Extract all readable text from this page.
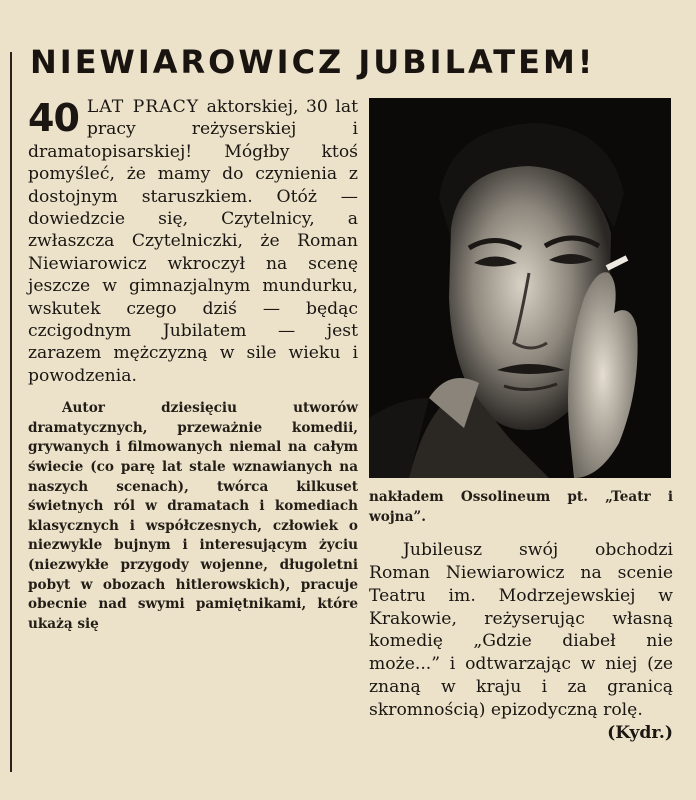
NIEWIAROWICZ JUBILATEM!

40 LAT PRACY aktorskiej, 30 lat pracy reżyserskiej i dramatopisarskiej! Mógłby ktoś pomyśleć, że mamy do czynienia z dostojnym staruszkiem. Otóż — dowiedzcie się, Czytelnicy, a zwłaszcza Czytelniczki, że Roman Niewiarowicz wkroczył na scenę jeszcze w gimnazjalnym mundurku, wskutek czego dziś — będąc czcigodnym Jubilatem — jest zarazem mężczyzną w sile wieku i powodzenia.

Autor dziesięciu utworów dramatycznych, przeważnie komedii, grywanych i filmowanych niemal na całym świecie (co parę lat stale wznawianych na naszych scenach), twórca kilkuset świetnych ról w dramatach i komediach klasycznych i współczesnych, człowiek o niezwykle bujnym i interesującym życiu (niezwykłe przygody wojenne, długoletni pobyt w obozach hitlerowskich), pracuje obecnie nad swymi pamiętnikami, które ukażą się

nakładem Ossolineum pt. „Teatr i wojna”.

Jubileusz swój obchodzi Roman Niewiarowicz na scenie Teatru im. Modrzejewskiej w Krakowie, reżyserując własną komedię „Gdzie diabeł nie może...” i odtwarzając w niej (ze znaną w kraju i za granicą skromnością) epizodyczną rolę.
(Kydr.)
